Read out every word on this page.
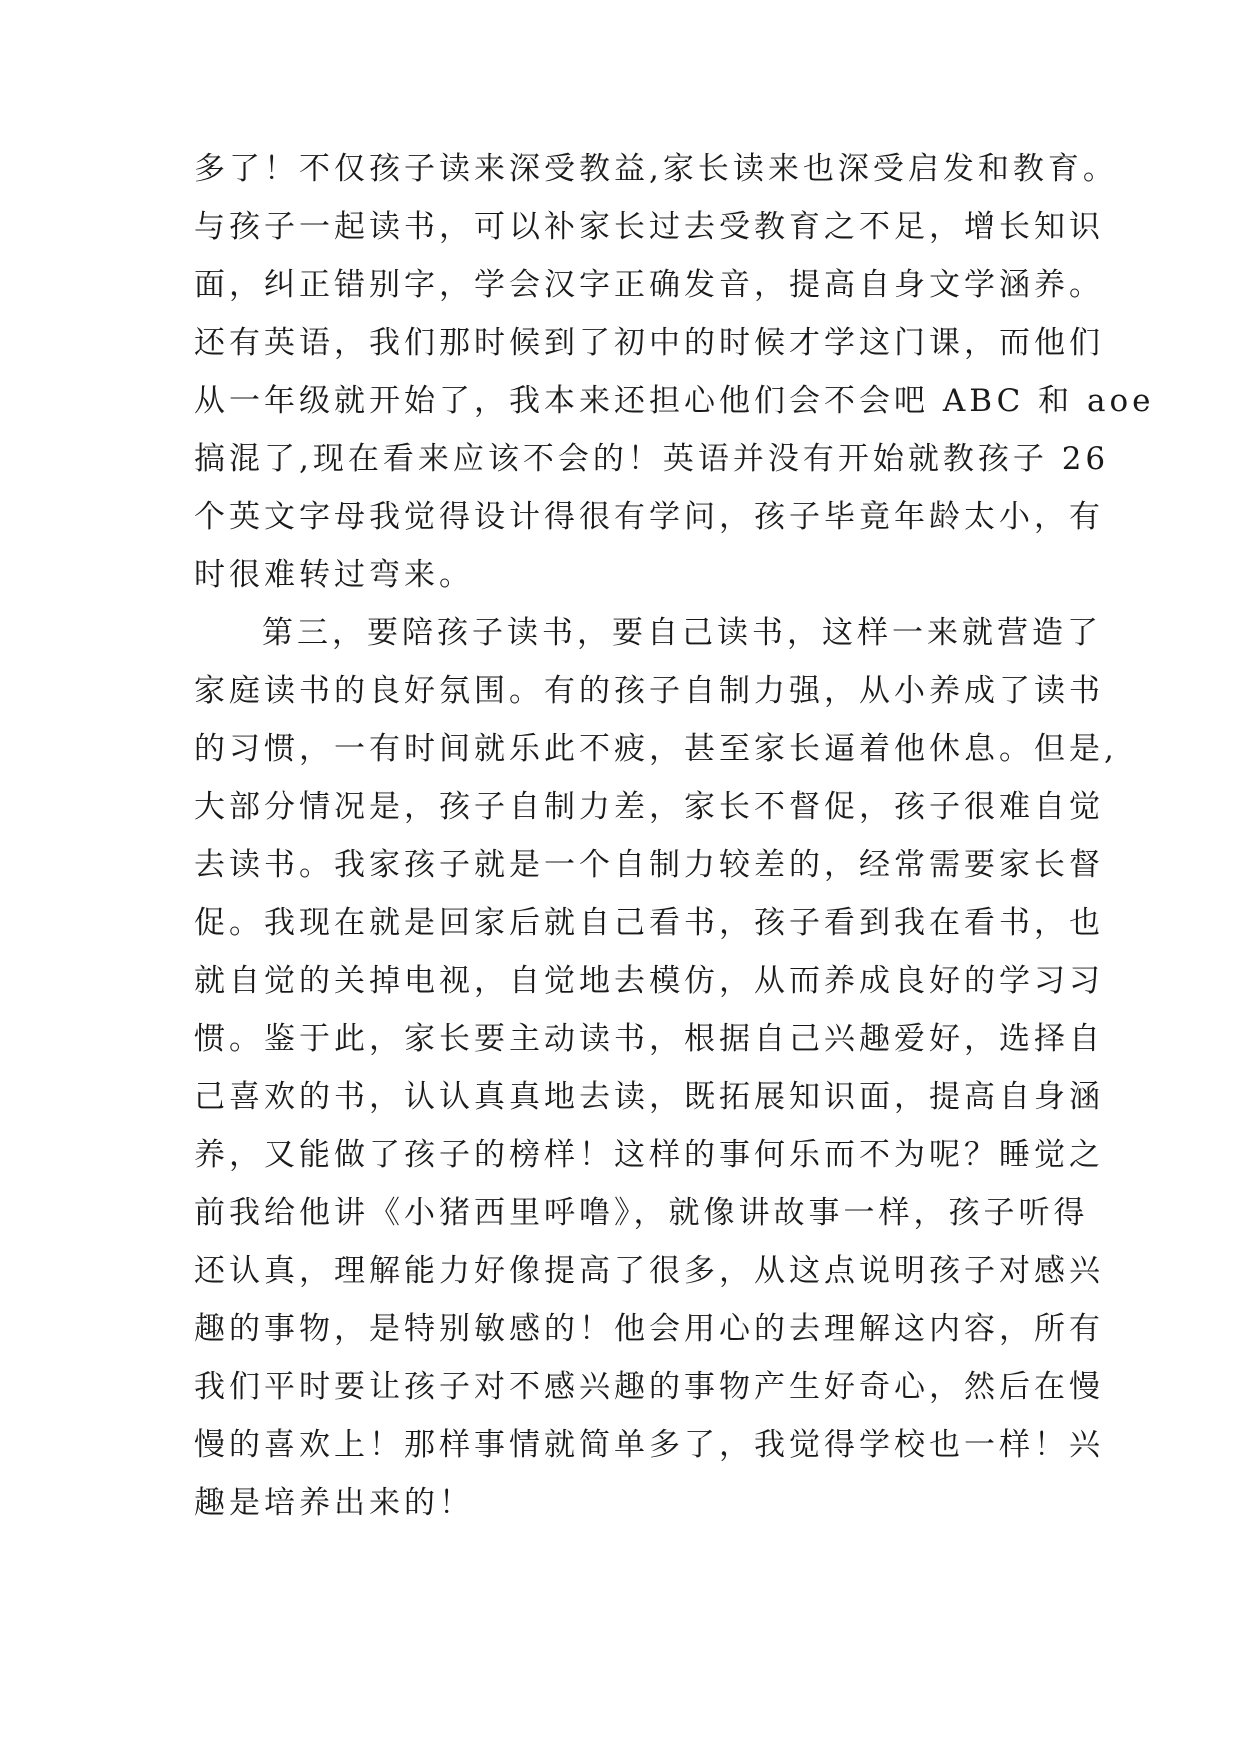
多了！不仅孩子读来深受教益,家长读来也深受启发和教育。
与孩子一起读书，可以补家长过去受教育之不足，增长知识
面，纠正错别字，学会汉字正确发音，提高自身文学涵养。
还有英语，我们那时候到了初中的时候才学这门课，而他们
从一年级就开始了，我本来还担心他们会不会吧 ABC 和 aoe
搞混了,现在看来应该不会的！英语并没有开始就教孩子 26
个英文字母我觉得设计得很有学问，孩子毕竟年龄太小，有
时很难转过弯来。
第三，要陪孩子读书，要自己读书，这样一来就营造了
家庭读书的良好氛围。有的孩子自制力强，从小养成了读书
的习惯，一有时间就乐此不疲，甚至家长逼着他休息。但是,
大部分情况是，孩子自制力差，家长不督促，孩子很难自觉
去读书。我家孩子就是一个自制力较差的，经常需要家长督
促。我现在就是回家后就自己看书，孩子看到我在看书，也
就自觉的关掉电视，自觉地去模仿，从而养成良好的学习习
惯。鉴于此，家长要主动读书，根据自己兴趣爱好，选择自
己喜欢的书，认认真真地去读，既拓展知识面，提高自身涵
养，又能做了孩子的榜样！这样的事何乐而不为呢？睡觉之
前我给他讲《小猪西里呼噜》，就像讲故事一样，孩子听得
还认真，理解能力好像提高了很多，从这点说明孩子对感兴
趣的事物，是特别敏感的！他会用心的去理解这内容，所有
我们平时要让孩子对不感兴趣的事物产生好奇心，然后在慢
慢的喜欢上！那样事情就简单多了，我觉得学校也一样！兴
趣是培养出来的！
